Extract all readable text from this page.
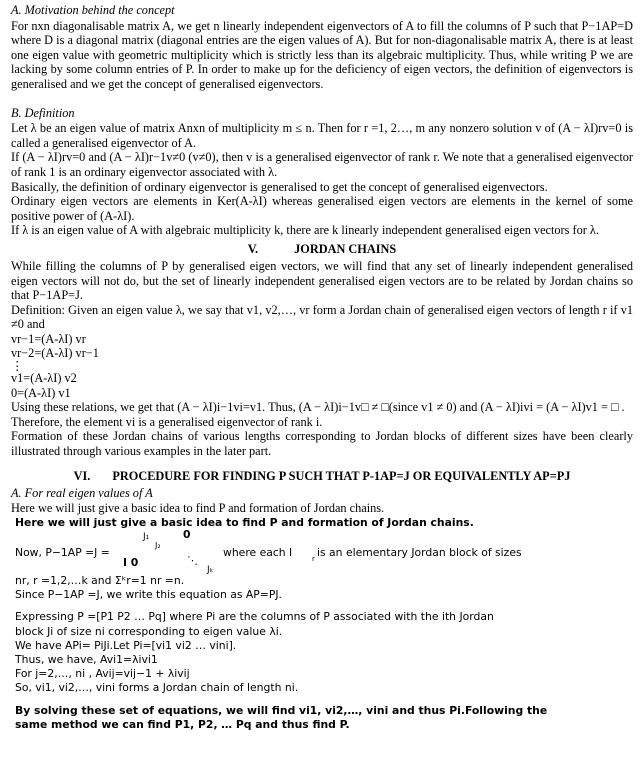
A. Motivation behind the concept

For nxn diagonalisable matrix A, we get n linearly independent eigenvectors of A to fill the columns of P such that P−1AP=D where D is a diagonal matrix (diagonal entries are the eigen values of A). But for non-diagonalisable matrix A, there is at least one eigen value with geometric multiplicity which is strictly less than its algebraic multiplicity. Thus, while writing P we are lacking by some column entries of P. In order to make up for the deficiency of eigen vectors, the definition of eigenvectors is generalised and we get the concept of generalised eigenvectors.

B. Definition

Let λ be an eigen value of matrix Anxn of multiplicity m ≤ n. Then for r =1, 2…, m any nonzero solution v of (A − λI)rv=0 is called a generalised eigenvector of A.

If (A − λI)rv=0 and (A − λI)r−1v≠0 (v≠0), then v is a generalised eigenvector of rank r. We note that a generalised eigenvector of rank 1 is an ordinary eigenvector associated with λ.

Basically, the definition of ordinary eigenvector is generalised to get the concept of generalised eigenvectors.

Ordinary eigen vectors are elements in Ker(A-λI) whereas generalised eigen vectors are elements in the kernel of some positive power of (A-λI).

If λ is an eigen value of A with algebraic multiplicity k, there are k linearly independent generalised eigen vectors for λ.

V.	JORDAN CHAINS

While filling the columns of P by generalised eigen vectors, we will find that any set of linearly independent generalised eigen vectors will not do, but the set of linearly independent generalised eigen vectors are to be related by Jordan chains so that P−1AP=J.

Definition: Given an eigen value λ, we say that v1, v2,…, vr form a Jordan chain of generalised eigen vectors of length r if v1 ≠0 and

vr−1=(A-λI) vr

vr−2=(A-λI) vr−1

⋮

v1=(A-λI) v2

0=(A-λI) v1

Using these relations, we get that (A − λI)i−1vi=v1. Thus, (A − λI)i−1v□ ≠ □(since v1 ≠ 0) and (A − λI)ivi = (A − λI)v1 = □ .

Therefore, the element vi is a generalised eigenvector of rank i.

Formation of these Jordan chains of various lengths corresponding to Jordan blocks of different sizes have been clearly illustrated through various examples in the later part.

VI. PROCEDURE FOR FINDING P SUCH THAT P-1AP=J OR EQUIVALENTLY AP=PJ

A. For real eigen values of A

Here we will just give a basic idea to find P and formation of Jordan chains.

Here we will just give a basic idea to find P and formation of Jordan chains.

Now, P−1AP =J =
J₁	0
J₂
I 0	⋱
Jₖ
where each I	r is an elementary Jordan block of sizes

nr, r =1,2,…k and Σᵏr=1 nr =n.

Since P−1AP =J, we write this equation as AP=PJ.

Expressing P =[P1 P2 … Pq] where Pi are the columns of P associated with the ith Jordan

block Ji of size ni corresponding to eigen value λi.

We have APi= PiJi.Let Pi=[vi1 vi2 … vini].

Thus, we have, Avi1=λivi1

For j=2,…, ni , Avij=vij−1 + λivij

So, vi1, vi2,…, vini forms a Jordan chain of length ni.

By solving these set of equations, we will find vi1, vi2,…, vini and thus Pi.Following the

same method we can find P1, P2, … Pq and thus find P.
